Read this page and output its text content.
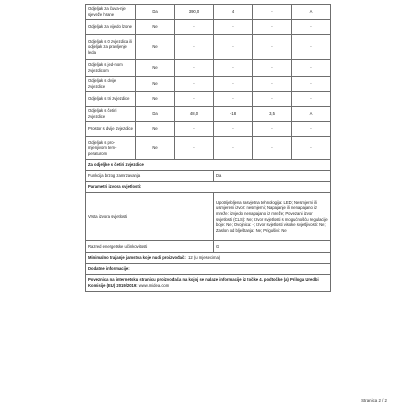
Odjeljak za čuva-nje sjeveže hrane	Da	390,0	4	-	A
Odjeljak za vijedo lzone	Ne	-	-	-	-
Odjeljak s 0 zvjezdica ili odjeljak za pravljenje leda	Ne	-	-	-	-
Odjeljak s jed-nom zvjezdicom	Ne	-	-	-	-
Odjeljak s dvije zvjezdice	Ne	-	-	-	-
Odjeljak s tri zvjezdice	Ne	-	-	-	-
Odjeljak s četiri zvjezdice	Da	48,0	-18	3,5	A
Prostor s dvije zvjezdice	Ne	-	-	-	-
Odjeljak s pro-mjenjivom tem-peraturom	Ne	-	-	-	-
Za odjeljke s četiri zvjezdice					
Funkcija brzog zamrzavanja			Da		
Parametri izvora svjetlosti:					
Vrsta izvora svjetlosti			Upotrijebljena rasvjetna tehnologija: LED; Nesmjerni ili usmjereni izvor: nesmjerni; Napajanje ili nenapajano iz mreže: izvjedo nenapajano iz mreže; Povezani izvor svjetlosti (CLS): Ne; Izvor svjetlosti s mogućnošću regulacije boje: Ne; Ovojnica: -; Izvor svjetlosti visoke svjetljivosti: Ne; Zaslon od blještanja: Ne; Prigušivi: Ne		
Razred energetske učinkovitosti			G		
Minimalno trajanje jamstva koje nudi proizvođač: 12 (u mjesecima)					
Dodatne informacije:					
Poveznica na internetsku stranicu proizvođača na kojoj se nalaze informacije iz točke 4. podtočke (a) Priloga Uredbi Komisije (EU) 2019/2019: www.midea.com					
Stranica 2 / 2
